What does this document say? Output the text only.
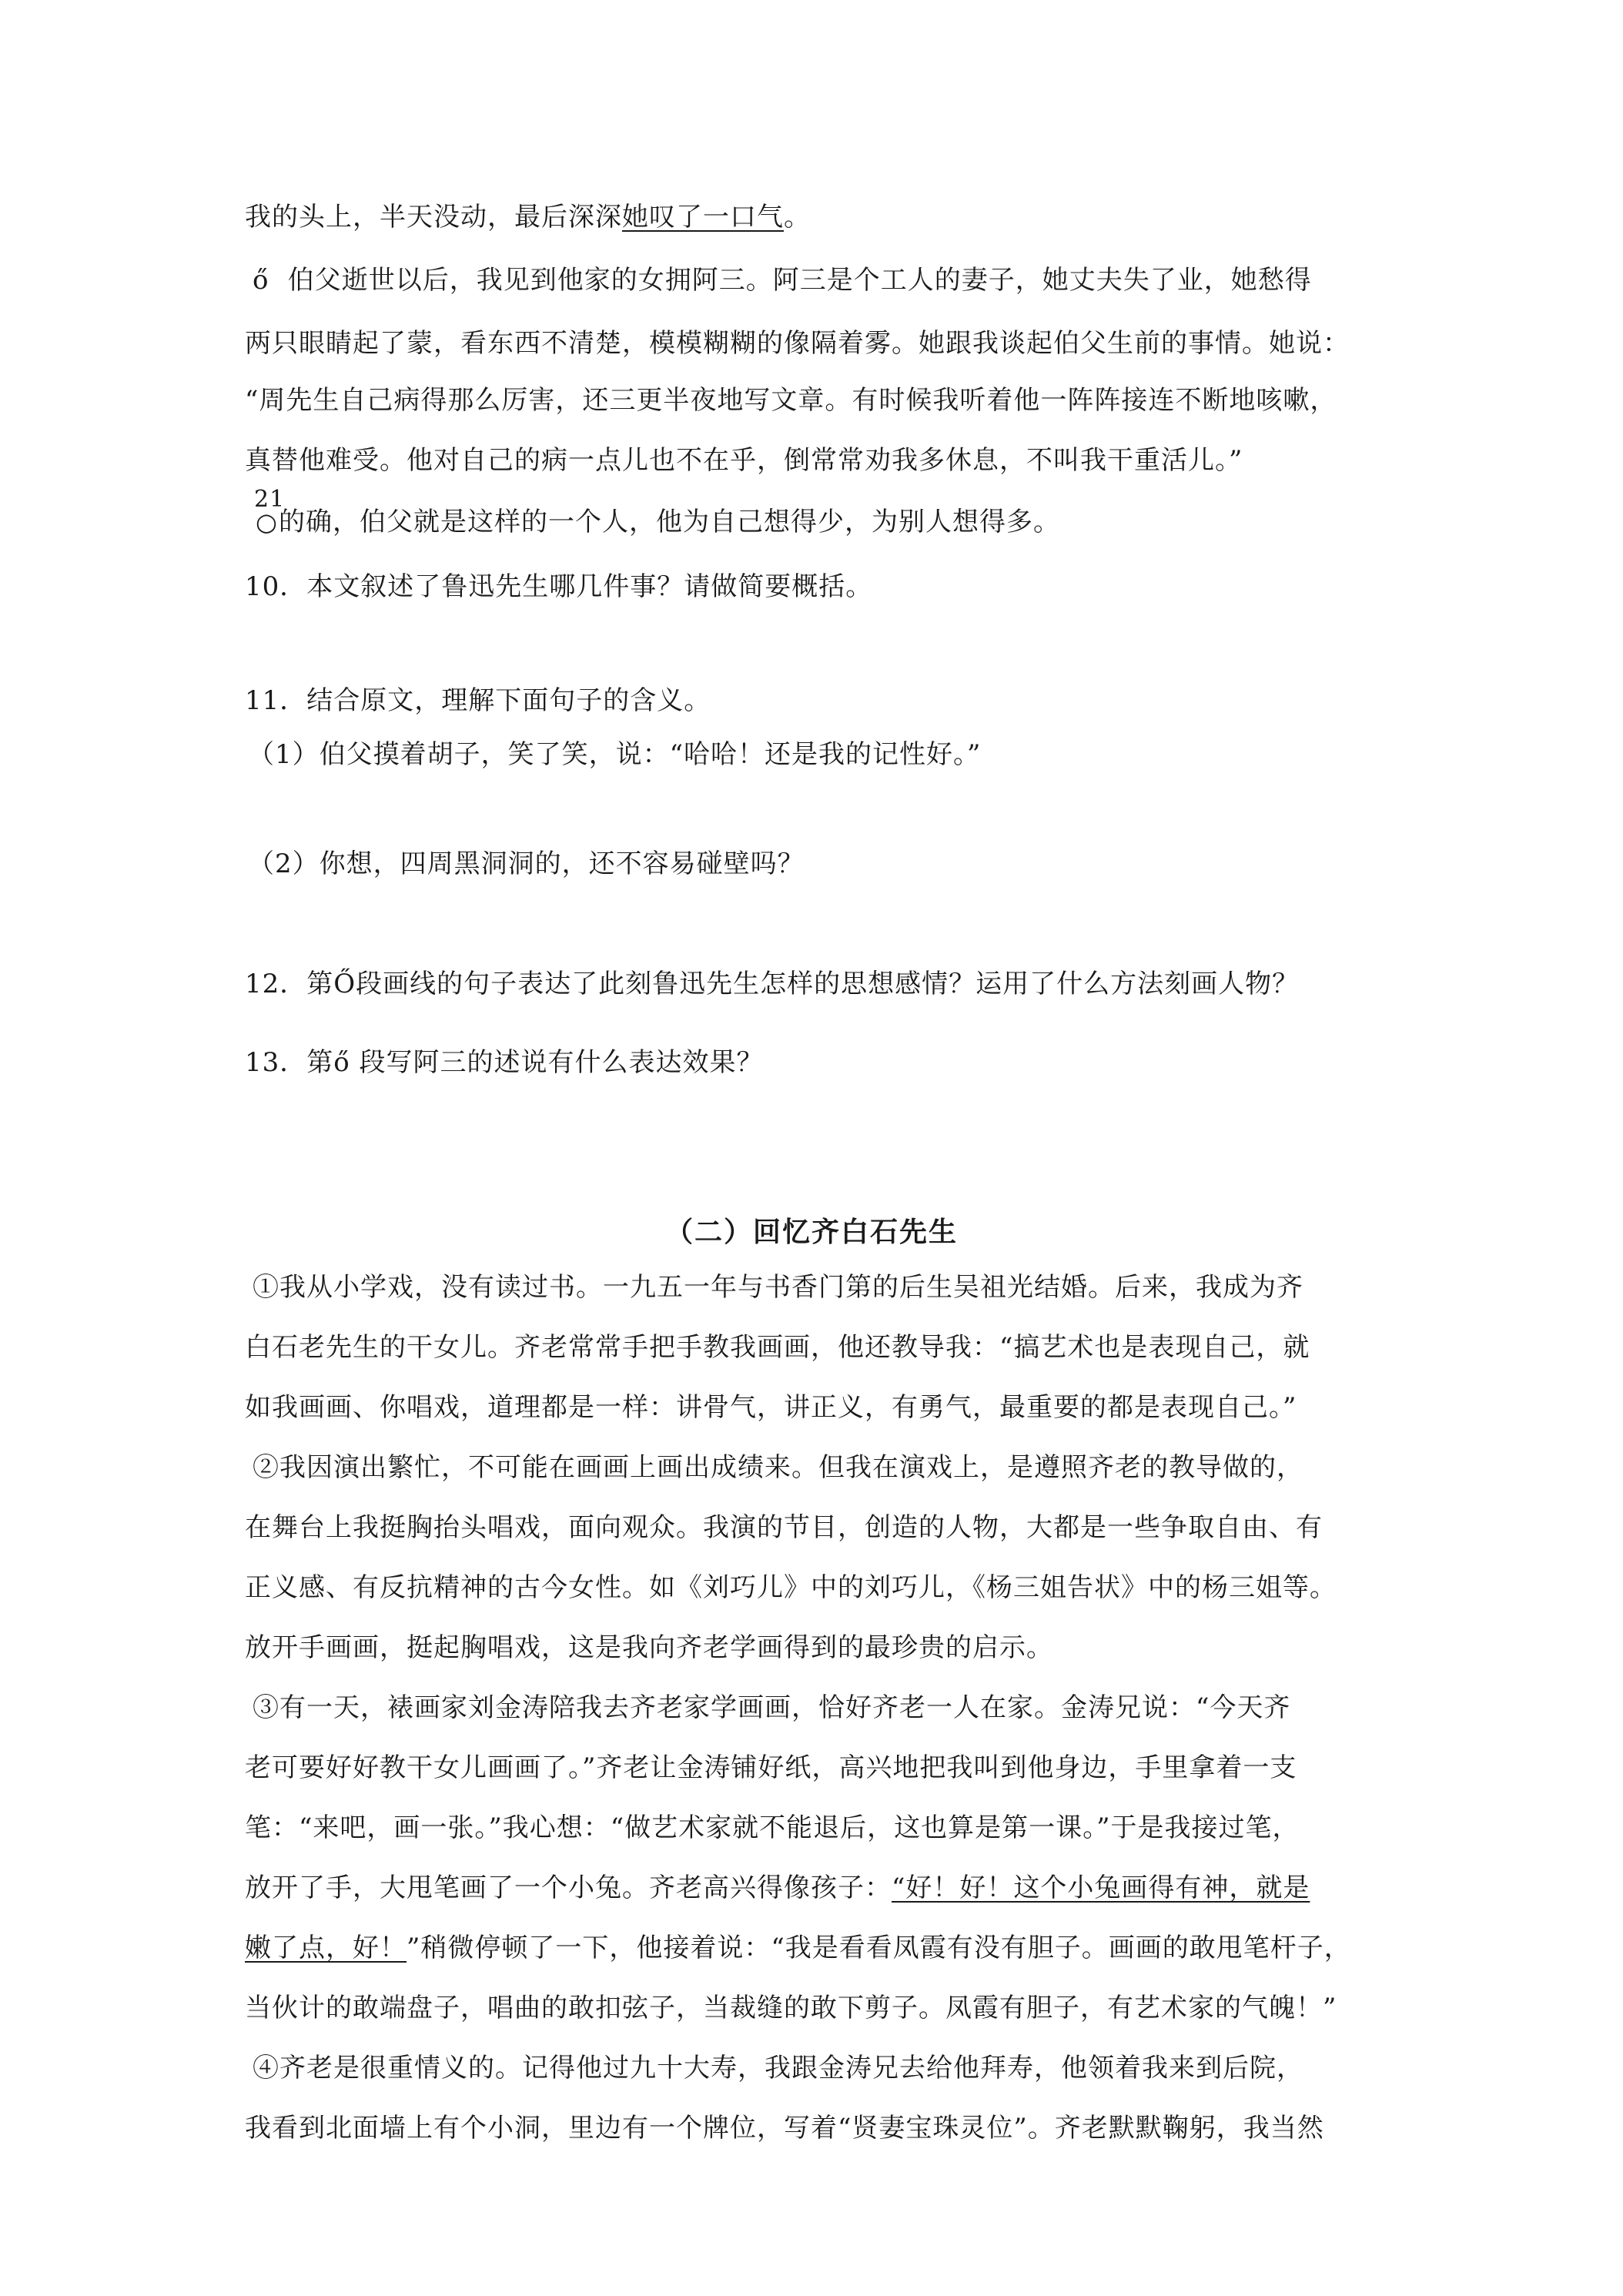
我的头上，半天没动，最后深深她叹了一口气。
ő 伯父逝世以后，我见到他家的女拥阿三。阿三是个工人的妻子，她丈夫失了业，她愁得
两只眼睛起了蒙，看东西不清楚，模模糊糊的像隔着雾。她跟我谈起伯父生前的事情。她说：
“周先生自己病得那么厉害，还三更半夜地写文章。有时候我听着他一阵阵接连不断地咳嗽，
真替他难受。他对自己的病一点儿也不在乎，倒常常劝我多休息，不叫我干重活儿。”
21
○ 的确，伯父就是这样的一个人，他为自己想得少，为别人想得多。
10．本文叙述了鲁迅先生哪几件事？请做简要概括。
11．结合原文，理解下面句子的含义。
（1）伯父摸着胡子，笑了笑，说：“哈哈！还是我的记性好。”
（2）你想，四周黑洞洞的，还不容易碰壁吗？
12．第Ő段画线的句子表达了此刻鲁迅先生怎样的思想感情？运用了什么方法刻画人物？
13．第ő 段写阿三的述说有什么表达效果？
（二）回忆齐白石先生
①我从小学戏，没有读过书。一九五一年与书香门第的后生吴祖光结婚。后来，我成为齐
白石老先生的干女儿。齐老常常手把手教我画画，他还教导我：“搞艺术也是表现自己，就
如我画画、你唱戏，道理都是一样：讲骨气，讲正义，有勇气，最重要的都是表现自己。”
②我因演出繁忙，不可能在画画上画出成绩来。但我在演戏上，是遵照齐老的教导做的，
在舞台上我挺胸抬头唱戏，面向观众。我演的节目，创造的人物，大都是一些争取自由、有
正义感、有反抗精神的古今女性。如《刘巧儿》中的刘巧儿，《杨三姐告状》中的杨三姐等。
放开手画画，挺起胸唱戏，这是我向齐老学画得到的最珍贵的启示。
③有一天，裱画家刘金涛陪我去齐老家学画画，恰好齐老一人在家。金涛兄说：“今天齐
老可要好好教干女儿画画了。”齐老让金涛铺好纸，高兴地把我叫到他身边，手里拿着一支
笔：“来吧，画一张。”我心想：“做艺术家就不能退后，这也算是第一课。”于是我接过笔，
放开了手，大甩笔画了一个小兔。齐老高兴得像孩子：“好！好！这个小兔画得有神，就是
嫩了点，好！”稍微停顿了一下，他接着说：“我是看看凤霞有没有胆子。画画的敢甩笔杆子，
当伙计的敢端盘子，唱曲的敢扣弦子，当裁缝的敢下剪子。凤霞有胆子，有艺术家的气魄！”
④齐老是很重情义的。记得他过九十大寿，我跟金涛兄去给他拜寿，他领着我来到后院，
我看到北面墙上有个小洞，里边有一个牌位，写着“贤妻宝珠灵位”。齐老默默鞠躬，我当然
